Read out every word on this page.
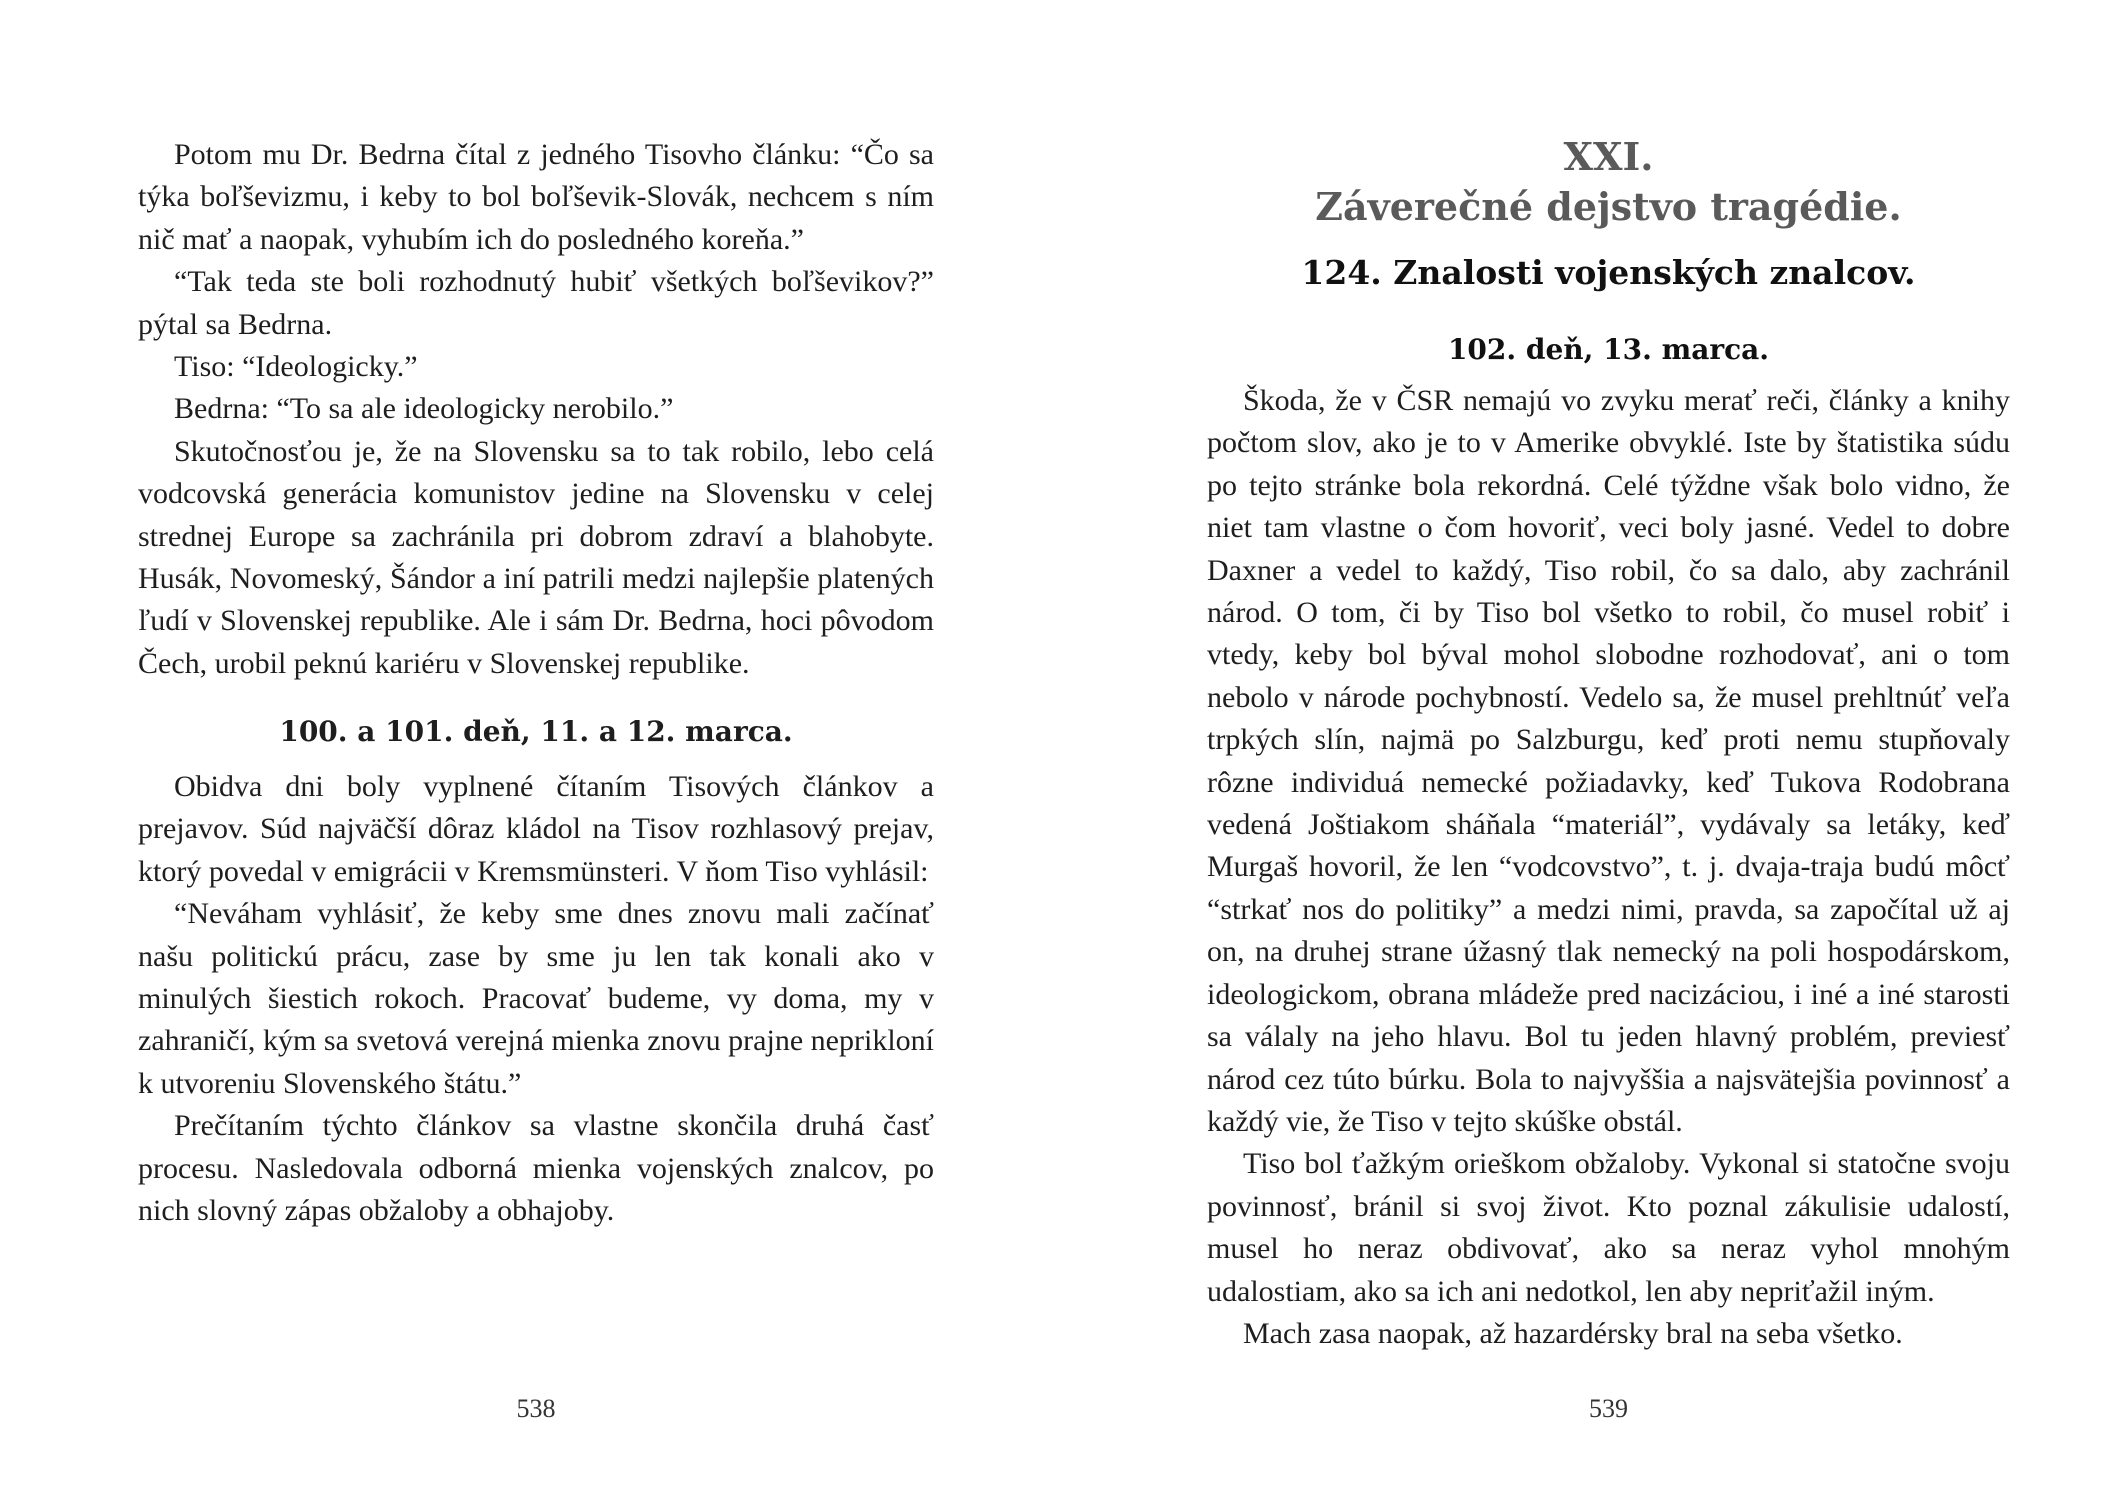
Potom mu Dr. Bedrna čítal z jedného Tisovho článku: “Čo sa týka boľševizmu, i keby to bol boľševik-Slovák, nechcem s ním nič mať a naopak, vyhubím ich do posledného koreňa.”

“Tak teda ste boli rozhodnutý hubiť všetkých boľševikov?” pýtal sa Bedrna.

Tiso: “Ideologicky.”

Bedrna: “To sa ale ideologicky nerobilo.”

Skutočnosťou je, že na Slovensku sa to tak robilo, lebo celá vodcovská generácia komunistov jedine na Slovensku v celej strednej Europe sa zachránila pri dobrom zdraví a blahobyte. Husák, Novomeský, Šándor a iní patrili medzi najlepšie platených ľudí v Slovenskej republike. Ale i sám Dr. Bedrna, hoci pôvodom Čech, urobil peknú kariéru v Slovenskej republike.

100. a 101. deň, 11. a 12. marca.

Obidva dni boly vyplnené čítaním Tisových článkov a prejavov. Súd najväčší dôraz kládol na Tisov rozhlasový prejav, ktorý povedal v emigrácii v Kremsmünsteri. V ňom Tiso vyhlásil:

“Neváham vyhlásiť, že keby sme dnes znovu mali začínať našu politickú prácu, zase by sme ju len tak konali ako v minulých šiestich rokoch. Pracovať budeme, vy doma, my v zahraničí, kým sa svetová verejná mienka znovu prajne neprikloní k utvoreniu Slovenského štátu.”

Prečítaním týchto článkov sa vlastne skončila druhá časť procesu. Nasledovala odborná mienka vojenských znalcov, po nich slovný zápas obžaloby a obhajoby.

538
XXI.
Záverečné dejstvo tragédie.
124. Znalosti vojenských znalcov.
102. deň, 13. marca.

Škoda, že v ČSR nemajú vo zvyku merať reči, články a knihy počtom slov, ako je to v Amerike obvyklé. Iste by štatistika súdu po tejto stránke bola rekordná. Celé týždne však bolo vidno, že niet tam vlastne o čom hovoriť, veci boly jasné. Vedel to dobre Daxner a vedel to každý, Tiso robil, čo sa dalo, aby zachránil národ. O tom, či by Tiso bol všetko to robil, čo musel robiť i vtedy, keby bol býval mohol slobodne rozhodovať, ani o tom nebolo v národe pochybností. Vedelo sa, že musel prehltnúť veľa trpkých slín, najmä po Salzburgu, keď proti nemu stupňovaly rôzne individuá nemecké požiadavky, keď Tukova Rodobrana vedená Joštiakom sháňala “materiál”, vydávaly sa letáky, keď Murgaš hovoril, že len “vodcovstvo”, t. j. dvaja-traja budú môcť “strkať nos do politiky” a medzi nimi, pravda, sa započítal už aj on, na druhej strane úžasný tlak nemecký na poli hospodárskom, ideologickom, obrana mládeže pred nacizáciou, i iné a iné starosti sa válaly na jeho hlavu. Bol tu jeden hlavný problém, previesť národ cez túto búrku. Bola to najvyššia a najsvätejšia povinnosť a každý vie, že Tiso v tejto skúške obstál.

Tiso bol ťažkým orieškom obžaloby. Vykonal si statočne svoju povinnosť, bránil si svoj život. Kto poznal zákulisie udalostí, musel ho neraz obdivovať, ako sa neraz vyhol mnohým udalostiam, ako sa ich ani nedotkol, len aby nepriťažil iným.

Mach zasa naopak, až hazardérsky bral na seba všetko.

539
